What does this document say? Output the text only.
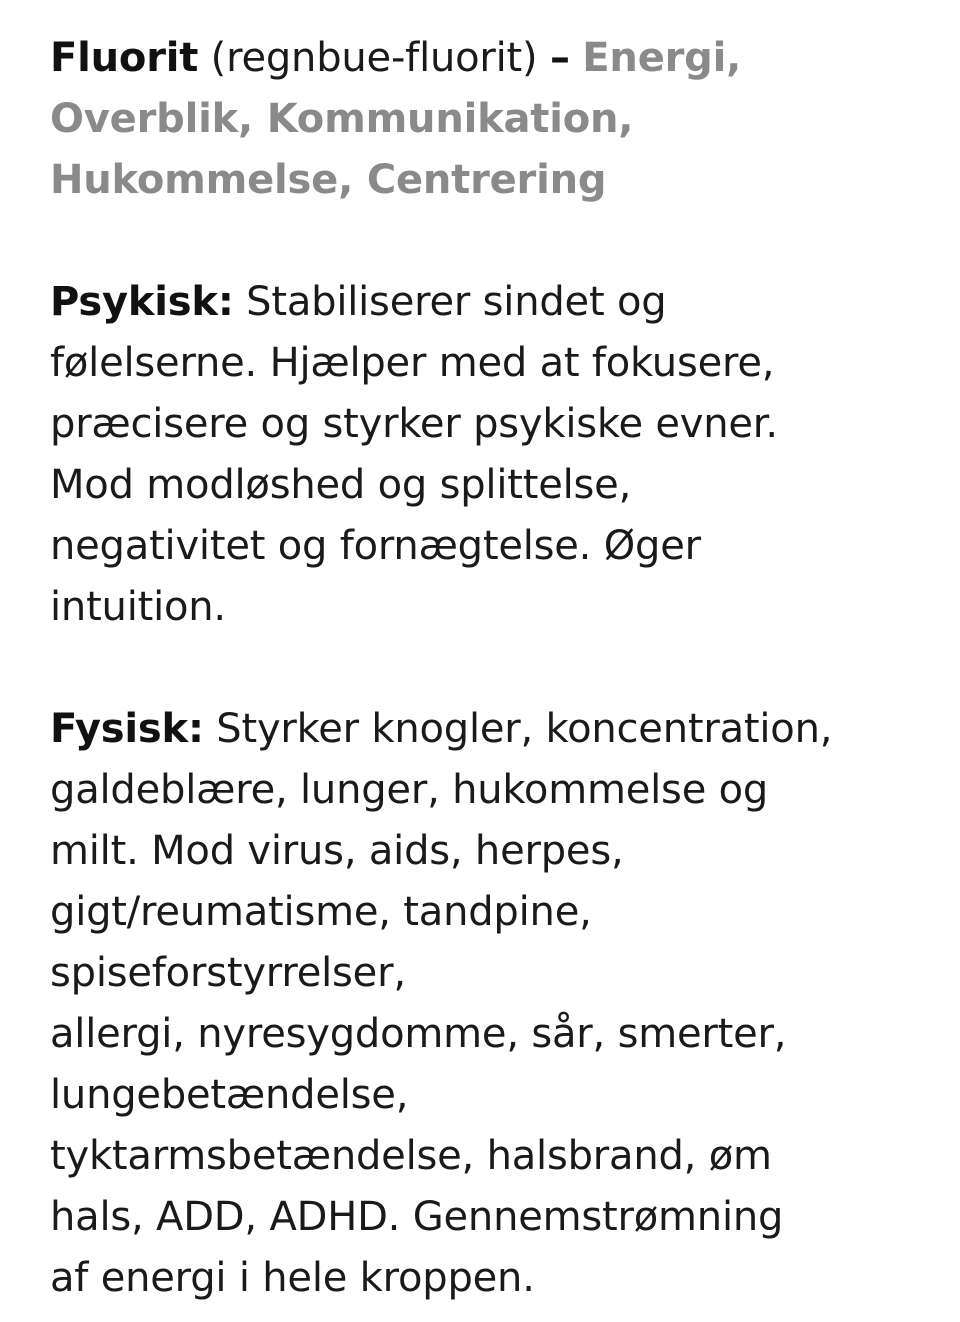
Fluorit (regnbue-fluorit) – Energi,
Overblik, Kommunikation,
Hukommelse, Centrering

Psykisk: Stabiliserer sindet og
følelserne. Hjælper med at fokusere,
præcisere og styrker psykiske evner.
Mod modløshed og splittelse,
negativitet og fornægtelse. Øger
intuition.

Fysisk: Styrker knogler, koncentration,
galdeblære, lunger, hukommelse og
milt. Mod virus, aids, herpes,
gigt/reumatisme, tandpine,
spiseforstyrrelser,
allergi, nyresygdomme, sår, smerter,
lungebetændelse,
tyktarmsbetændelse, halsbrand, øm
hals, ADD, ADHD. Gennemstrømning
af energi i hele kroppen.
